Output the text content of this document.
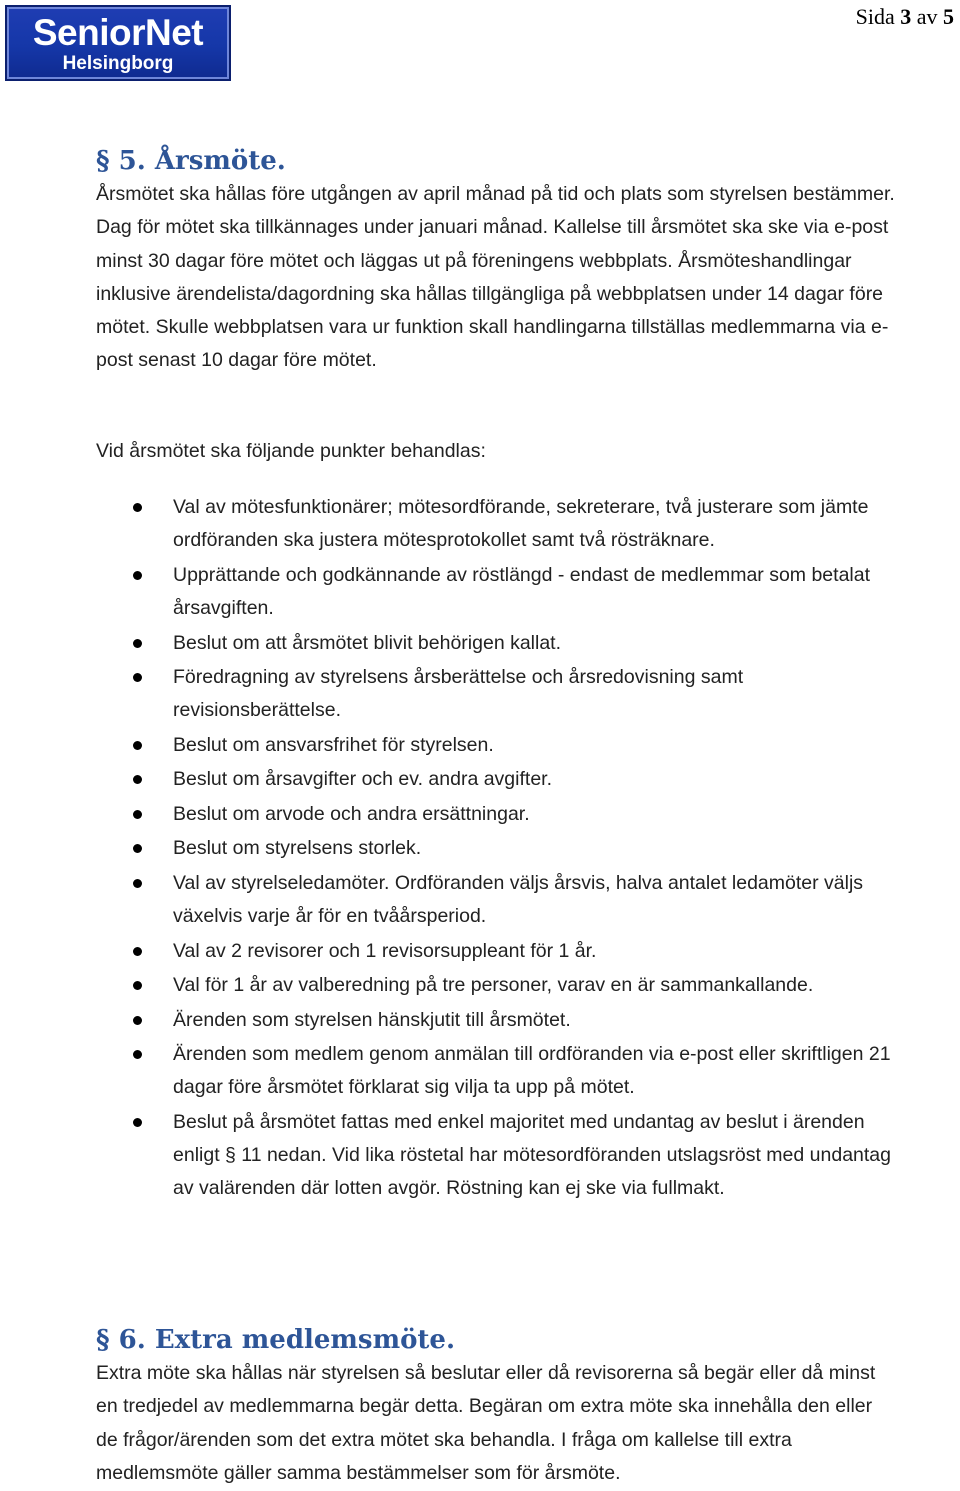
SeniorNet
Helsingborg
Sida 3 av 5
§ 5. Årsmöte.

Årsmötet ska hållas före utgången av april månad på tid och plats som styrelsen bestämmer. Dag för mötet ska tillkännages under januari månad. Kallelse till årsmötet ska ske via e-post minst 30 dagar före mötet och läggas ut på föreningens webbplats. Årsmöteshandlingar inklusive ärendelista/dagordning ska hållas tillgängliga på webbplatsen under 14 dagar före mötet. Skulle webbplatsen vara ur funktion skall handlingarna tillställas medlemmarna via e-post senast 10 dagar före mötet.

Vid årsmötet ska följande punkter behandlas:

Val av mötesfunktionärer; mötesordförande, sekreterare, två justerare som jämte ordföranden ska justera mötesprotokollet samt två rösträknare.
Upprättande och godkännande av röstlängd - endast de medlemmar som betalat årsavgiften.
Beslut om att årsmötet blivit behörigen kallat.
Föredragning av styrelsens årsberättelse och årsredovisning samt revisionsberättelse.
Beslut om ansvarsfrihet för styrelsen.
Beslut om årsavgifter och ev. andra avgifter.
Beslut om arvode och andra ersättningar.
Beslut om styrelsens storlek.
Val av styrelseledamöter. Ordföranden väljs årsvis, halva antalet ledamöter väljs växelvis varje år för en tvåårsperiod.
Val av 2 revisorer och 1 revisorsuppleant för 1 år.
Val för 1 år av valberedning på tre personer, varav en är sammankallande.
Ärenden som styrelsen hänskjutit till årsmötet.
Ärenden som medlem genom anmälan till ordföranden via e-post eller skriftligen 21 dagar före årsmötet förklarat sig vilja ta upp på mötet.
Beslut på årsmötet fattas med enkel majoritet med undantag av beslut i ärenden enligt § 11 nedan. Vid lika röstetal har mötesordföranden utslagsröst med undantag av valärenden där lotten avgör. Röstning kan ej ske via fullmakt.
§ 6. Extra medlemsmöte.

Extra möte ska hållas när styrelsen så beslutar eller då revisorerna så begär eller då minst en tredjedel av medlemmarna begär detta. Begäran om extra möte ska innehålla den eller de frågor/ärenden som det extra mötet ska behandla. I fråga om kallelse till extra medlemsmöte gäller samma bestämmelser som för årsmöte.
